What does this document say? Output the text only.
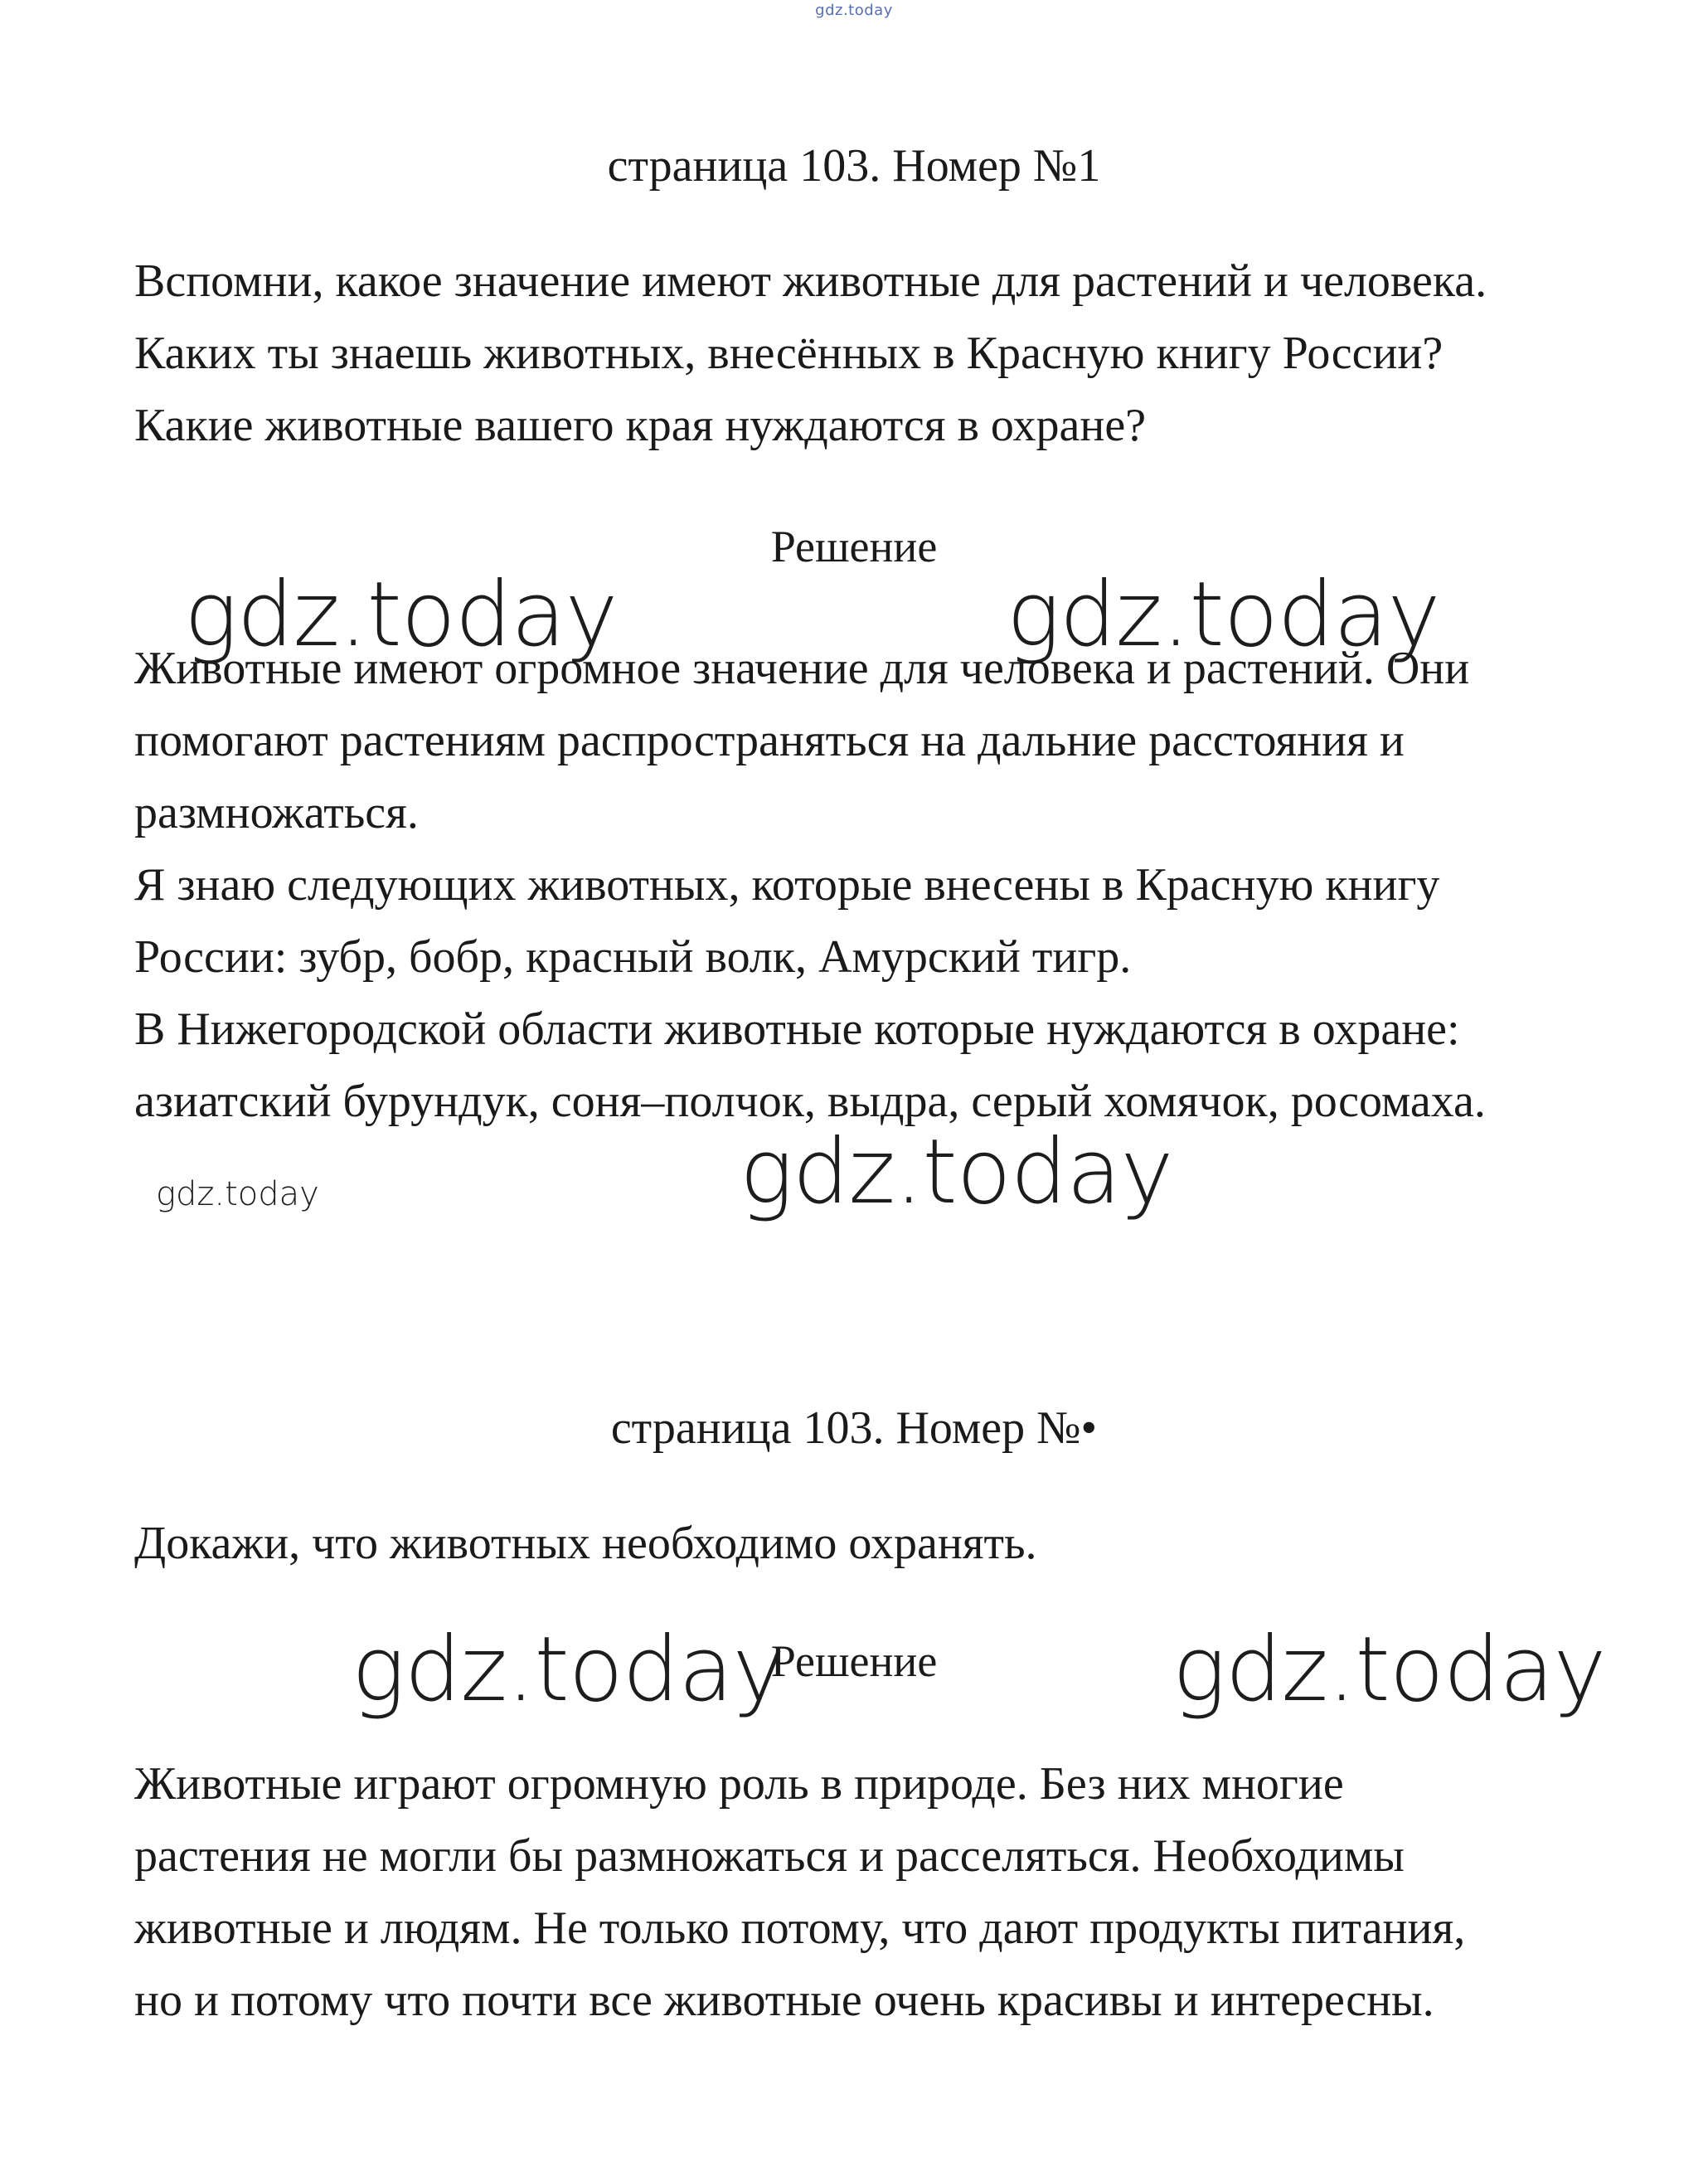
gdz.today
страница 103. Номер №1
Вспомни, какое значение имеют животные для растений и человека.
Каких ты знаешь животных, внесённых в Красную книгу России?
Какие животные вашего края нуждаются в охране?
Решение
gdz.today	gdz.today
Животные имеют огромное значение для человека и растений. Они
помогают растениям распространяться на дальние расстояния и
размножаться.
Я знаю следующих животных, которые внесены в Красную книгу
России: зубр, бобр, красный волк, Амурский тигр.
В Нижегородской области животные которые нуждаются в охране:
азиатский бурундук, соня–полчок, выдра, серый хомячок, росомаха.
gdz.today
gdz.today
страница 103. Номер №•
Докажи, что животных необходимо охранять.
gdz.today
Решение	gdz.today
Животные играют огромную роль в природе. Без них многие
растения не могли бы размножаться и расселяться. Необходимы
животные и людям. Не только потому, что дают продукты питания,
но и потому что почти все животные очень красивы и интересны.
